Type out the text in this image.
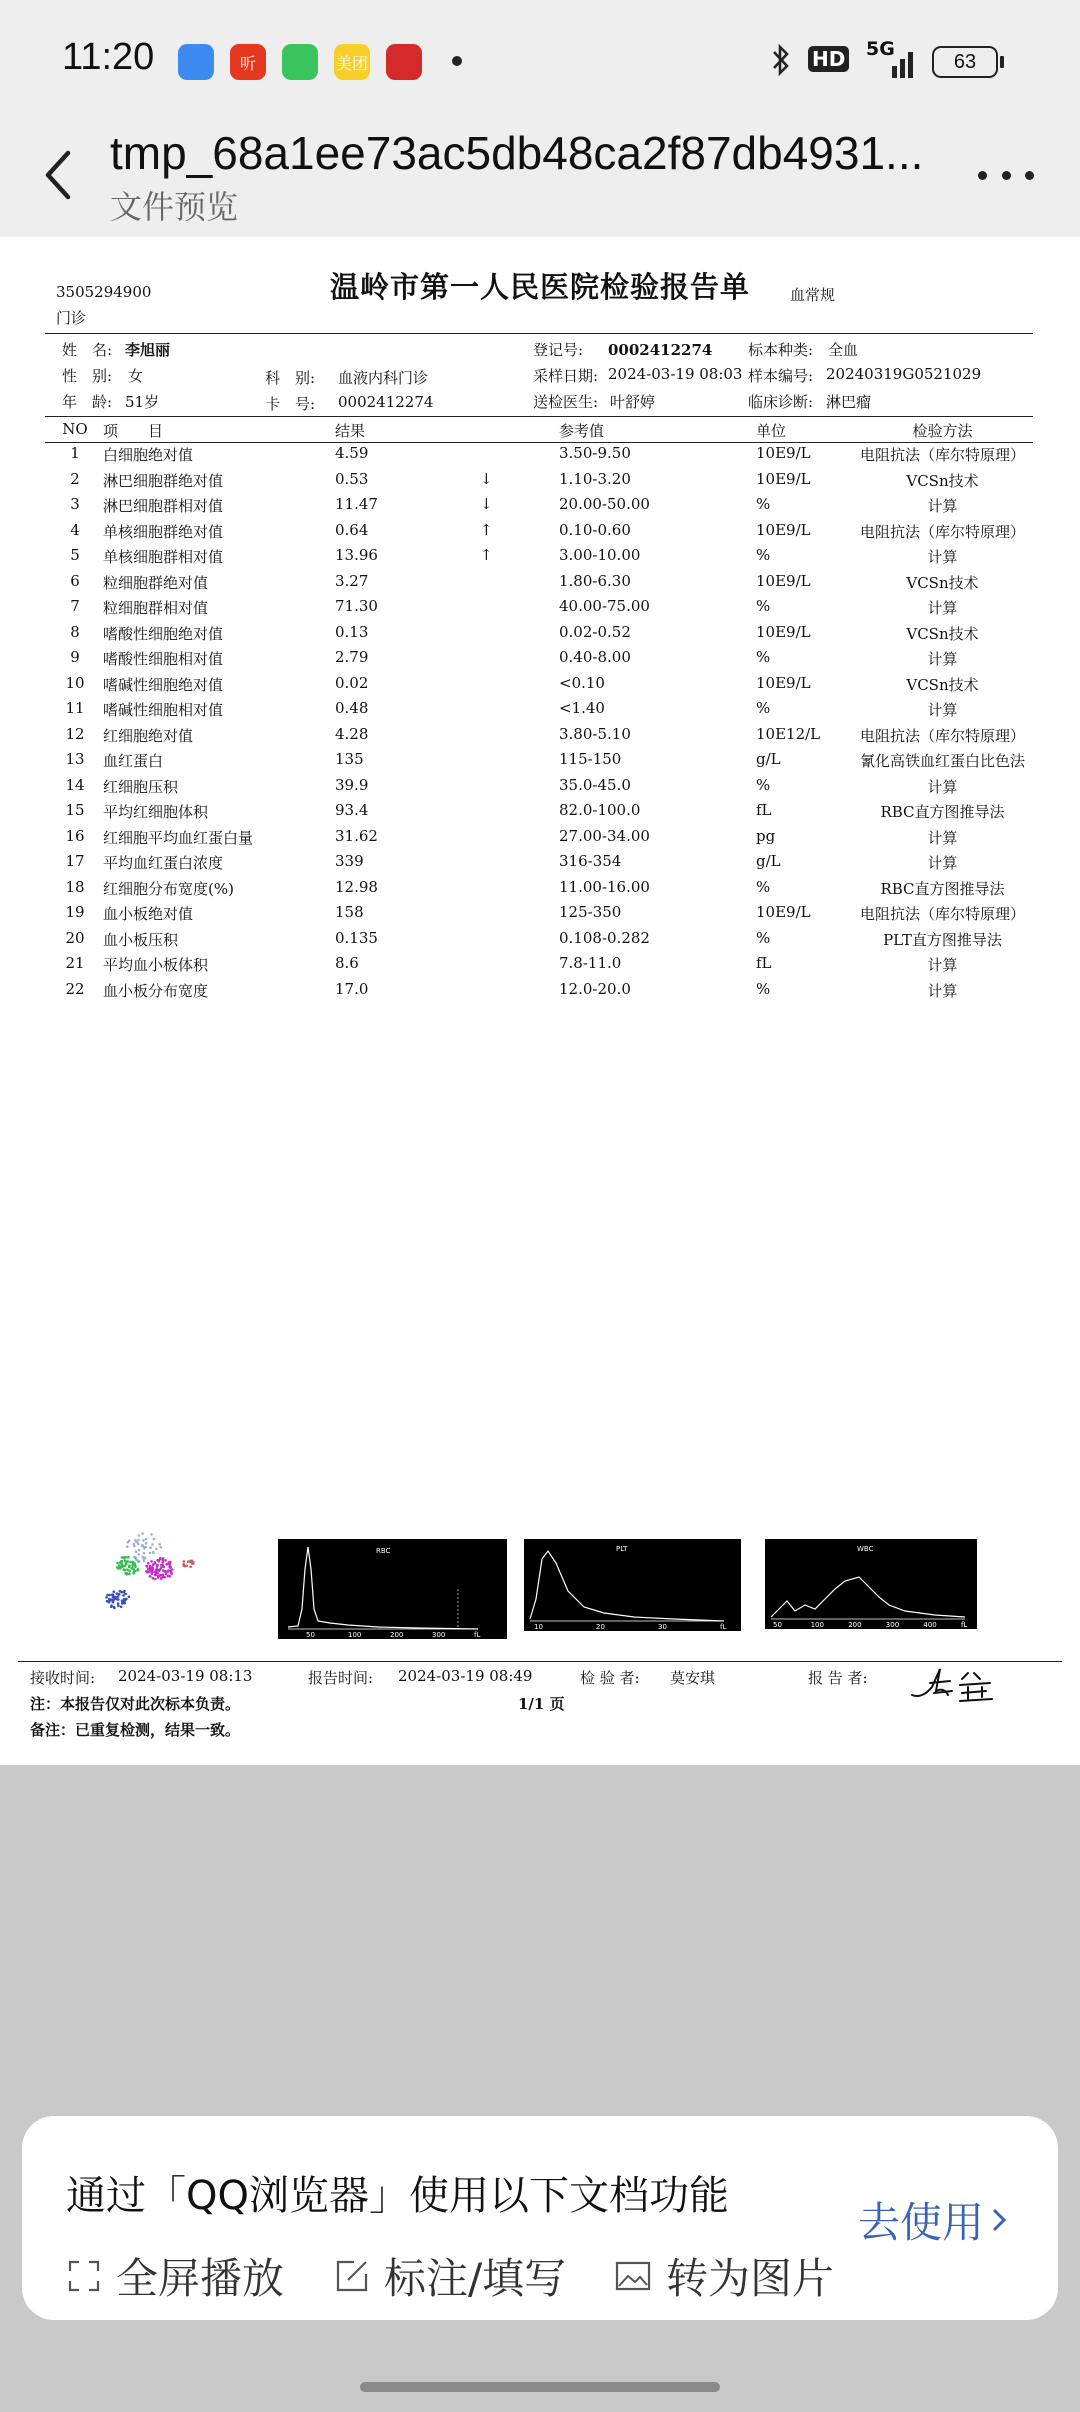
11:20	听	美团	HD 5G
63
tmp_68a1ee73ac5db48ca2f87db4931...
文件预览
温岭市第一人民医院检验报告单
3505294900
门诊
血常规
姓　名: 李旭丽	登记号: 0002412274 标本种类: 全血
性　别: 女	科　别: 血液内科门诊	采样日期: 2024-03-19 08:03 样本编号: 20240319G0521029
年　龄: 51岁	卡　号: 0002412274	送检医生: 叶舒婷	临床诊断: 淋巴瘤
NO 项　　目	结果	参考值	单位	检验方法
1	白细胞绝对值	4.59	3.50-9.50	10E9/L	电阻抗法（库尔特原理）
2	淋巴细胞群绝对值	0.53	↓	1.10-3.20	10E9/L	VCSn技术
3	淋巴细胞群相对值	11.47	↓	20.00-50.00	%	计算
4	单核细胞群绝对值	0.64	↑	0.10-0.60	10E9/L	电阻抗法（库尔特原理）
5	单核细胞群相对值	13.96	↑	3.00-10.00	%	计算
6	粒细胞群绝对值	3.27	1.80-6.30	10E9/L	VCSn技术
7	粒细胞群相对值	71.30	40.00-75.00	%	计算
8	嗜酸性细胞绝对值	0.13	0.02-0.52	10E9/L	VCSn技术
9	嗜酸性细胞相对值	2.79	0.40-8.00	%	计算
10	嗜碱性细胞绝对值	0.02	<0.10	10E9/L	VCSn技术
11	嗜碱性细胞相对值	0.48	<1.40	%	计算
12	红细胞绝对值	4.28	3.80-5.10	10E12/L	电阻抗法（库尔特原理）
13	血红蛋白	135	115-150	g/L	氰化高铁血红蛋白比色法
14	红细胞压积	39.9	35.0-45.0	%	计算
15	平均红细胞体积	93.4	82.0-100.0	fL	RBC直方图推导法
16	红细胞平均血红蛋白量	31.62	27.00-34.00	pg	计算
17	平均血红蛋白浓度	339	316-354	g/L	计算
18	红细胞分布宽度(%)	12.98	11.00-16.00	%	RBC直方图推导法
19	血小板绝对值	158	125-350	10E9/L	电阻抗法（库尔特原理）
20	血小板压积	0.135	0.108-0.282	%	PLT直方图推导法
21	平均血小板体积	8.6	7.8-11.0	fL	计算
22	血小板分布宽度	17.0	12.0-20.0	%	计算
RBC
50	100	200	300	fL
PLT
10	20	30	fL
WBC
50	100	200	300	400	fL
接收时间: 2024-03-19 08:13	报告时间: 2024-03-19 08:49	检 验 者: 莫安琪	报 告 者:
注：本报告仅对此次标本负责。	1/1 页
备注：已重复检测，结果一致。
通过「QQ浏览器」使用以下文档功能
全屏播放 标注/填写 转为图片
去使用
